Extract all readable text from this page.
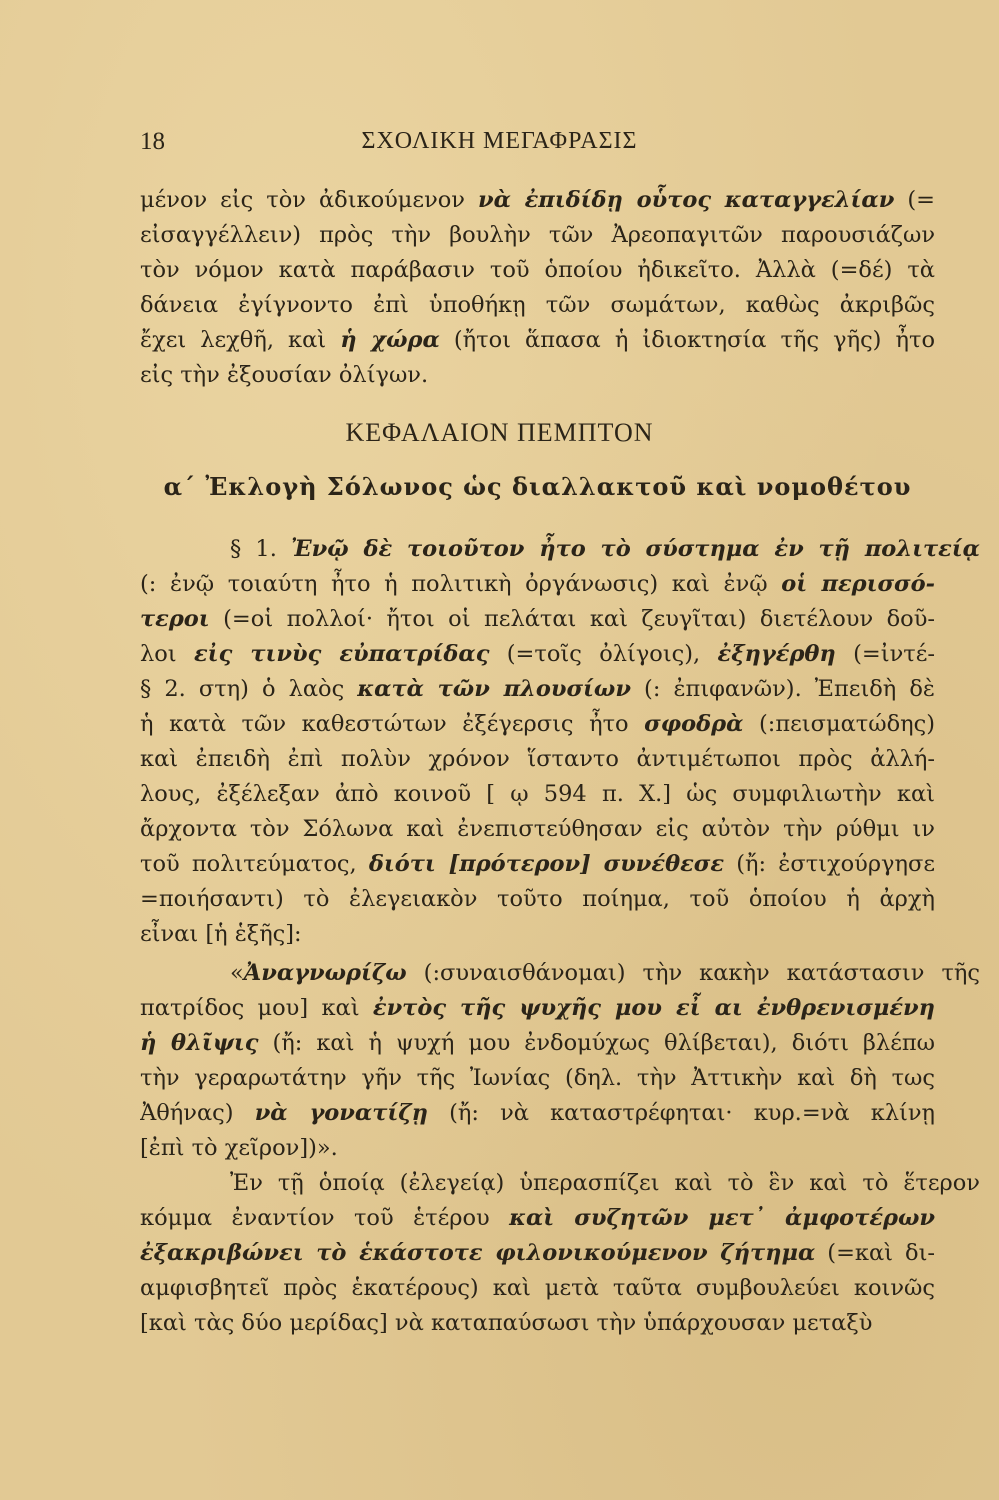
18	ΣΧΟΛΙΚΗ ΜΕΓΑΦΡΑΣΙΣ
μένον εἰς τὸν ἀδικούμενον νὰ ἐπιδίδῃ οὗτος καταγγελίαν (=
εἰσαγγέλλειν) πρὸς τὴν βουλὴν τῶν Ἀρεοπαγιτῶν παρουσιάζων
τὸν νόμον κατὰ παράβασιν τοῦ ὁποίου ἠδικεῖτο. Ἀλλὰ (=δέ) τὰ
δάνεια ἐγίγνοντο ἐπὶ ὑποθήκῃ τῶν σωμάτων, καθὼς ἀκριβῶς
ἔχει λεχθῆ, καὶ ἡ χώρα (ἤτοι ἅπασα ἡ ἰδιοκτησία τῆς γῆς) ἦτο
εἰς τὴν ἐξουσίαν ὀλίγων.
§ 1. Ἐνῷ δὲ τοιοῦτον ἦτο τὸ σύστημα ἐν τῇ πολιτείᾳ
(: ἐνῷ τοιαύτη ἦτο ἡ πολιτικὴ ὀργάνωσις) καὶ ἐνῷ οἱ περισσό-
τεροι (=οἱ πολλοί· ἤτοι οἱ πελάται καὶ ζευγῖται) διετέλουν δοῦ-
λοι εἰς τινὺς εὐπατρίδας (=τοῖς ὀλίγοις), ἐξηγέρθη (=ἰντέ-
§ 2. στη) ὁ λαὸς κατὰ τῶν πλουσίων (: ἐπιφανῶν). Ἐπειδὴ δὲ
ἡ κατὰ τῶν καθεστώτων ἐξέγερσις ἦτο σφοδρὰ (:πεισματώδης)
καὶ ἐπειδὴ ἐπὶ πολὺν χρόνον ἵσταντο ἀντιμέτωποι πρὸς ἀλλή-
λους, ἐξέλεξαν ἀπὸ κοινοῦ [ ῳ 594 π. Χ.] ὡς συμφιλιωτὴν καὶ
ἄρχοντα τὸν Σόλωνα καὶ ἐνεπιστεύθησαν εἰς αὐτὸν τὴν ρύθμι ιν
τοῦ πολιτεύματος, διότι [πρότερον] συνέθεσε (ἤ: ἐστιχούργησε
=ποιήσαντι) τὸ ἐλεγειακὸν τοῦτο ποίημα, τοῦ ὁποίου ἡ ἀρχὴ
εἶναι [ἡ ἑξῆς]:
«Ἀναγνωρίζω (:συναισθάνομαι) τὴν κακὴν κατάστασιν τῆς
πατρίδος μου] καὶ ἐντὸς τῆς ψυχῆς μου εἶ αι ἐνθρενισμένη
ἡ θλῖψις (ἤ: καὶ ἡ ψυχή μου ἐνδομύχως θλίβεται), διότι βλέπω
τὴν γεραρωτάτην γῆν τῆς Ἰωνίας (δηλ. τὴν Ἀττικὴν καὶ δὴ τως
Ἀθήνας) νὰ γονατίζῃ (ἤ: νὰ καταστρέφηται· κυρ.=νὰ κλίνῃ
[ἐπὶ τὸ χεῖρον])».
Ἐν τῇ ὁποίᾳ (ἐλεγείᾳ) ὑπερασπίζει καὶ τὸ ἓν καὶ τὸ ἕτερον
κόμμα ἐναντίον τοῦ ἑτέρου καὶ συζητῶν μετ᾽ ἀμφοτέρων
ἐξακριβώνει τὸ ἑκάστοτε φιλονικούμενον ζήτημα (=καὶ δι-
αμφισβητεῖ πρὸς ἑκατέρους) καὶ μετὰ ταῦτα συμβουλεύει κοινῶς
[καὶ τὰς δύο μερίδας] νὰ καταπαύσωσι τὴν ὑπάρχουσαν μεταξὺ
ΚΕΦΑΛΑΙΟΝ ΠΕΜΠΤΟΝ
α΄ Ἐκλογὴ Σόλωνος ὡς διαλλακτοῦ καὶ νομοθέτου
